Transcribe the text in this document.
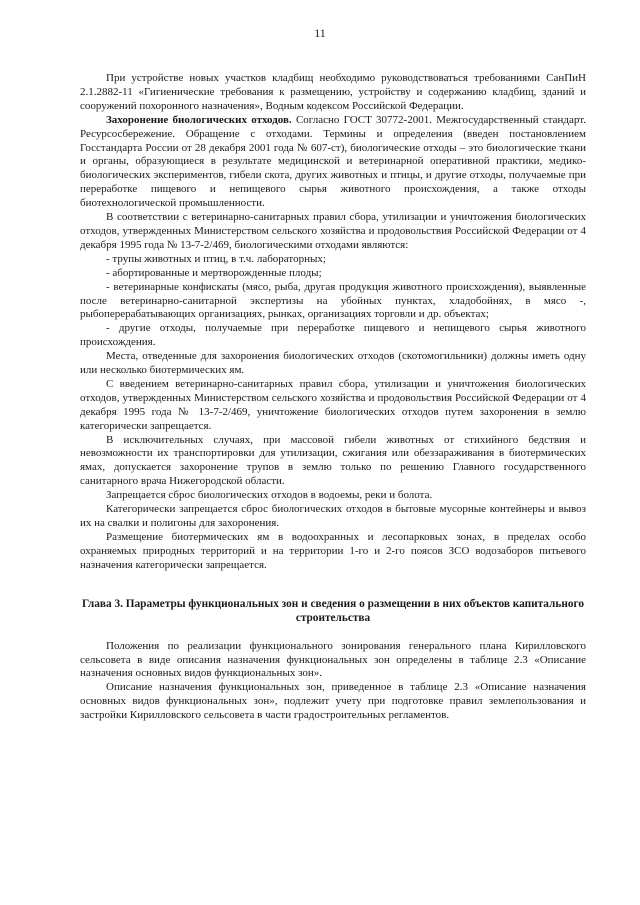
11

При устройстве новых участков кладбищ необходимо руководствоваться требованиями СанПиН 2.1.2882-11 «Гигиенические требования к размещению, устройству и содержанию кладбищ, зданий и сооружений похоронного назначения», Водным кодексом Российской Федерации.

Захоронение биологических отходов. Согласно ГОСТ 30772-2001. Межгосударственный стандарт. Ресурсосбережение. Обращение с отходами. Термины и определения (введен постановлением Госстандарта России от 28 декабря 2001 года № 607-ст), биологические отходы – это биологические ткани и органы, образующиеся в результате медицинской и ветеринарной оперативной практики, медико-биологических экспериментов, гибели скота, других животных и птицы, и другие отходы, получаемые при переработке пищевого и непищевого сырья животного происхождения, а также отходы биотехнологической промышленности.

В соответствии с ветеринарно-санитарных правил сбора, утилизации и уничтожения биологических отходов, утвержденных Министерством сельского хозяйства и продовольствия Российской Федерации от 4 декабря 1995 года № 13-7-2/469, биологическими отходами являются:

- трупы животных и птиц, в т.ч. лабораторных;

- абортированные и мертворожденные плоды;

- ветеринарные конфискаты (мясо, рыба, другая продукция животного происхождения), выявленные после ветеринарно-санитарной экспертизы на убойных пунктах, хладобойнях, в мясо -, рыбоперерабатывающих организациях, рынках, организациях торговли и др. объектах;

- другие отходы, получаемые при переработке пищевого и непищевого сырья животного происхождения.

Места, отведенные для захоронения биологических отходов (скотомогильники) должны иметь одну или несколько биотермических ям.

С введением ветеринарно-санитарных правил сбора, утилизации и уничтожения биологических отходов, утвержденных Министерством сельского хозяйства и продовольствия Российской Федерации от 4 декабря 1995 года № 13-7-2/469, уничтожение биологических отходов путем захоронения в землю категорически запрещается.

В исключительных случаях, при массовой гибели животных от стихийного бедствия и невозможности их транспортировки для утилизации, сжигания или обеззараживания в биотермических ямах, допускается захоронение трупов в землю только по решению Главного государственного санитарного врача Нижегородской области.

Запрещается сброс биологических отходов в водоемы, реки и болота.

Категорически запрещается сброс биологических отходов в бытовые мусорные контейнеры и вывоз их на свалки и полигоны для захоронения.

Размещение биотермических ям в водоохранных и лесопарковых зонах, в пределах особо охраняемых природных территорий и на территории 1-го и 2-го поясов ЗСО водозаборов питьевого назначения категорически запрещается.

Глава 3. Параметры функциональных зон и сведения о размещении в них объектов капитального строительства

Положения по реализации функционального зонирования генерального плана Кирилловского сельсовета в виде описания назначения функциональных зон определены в таблице 2.3 «Описание назначения основных видов функциональных зон».

Описание назначения функциональных зон, приведенное в таблице 2.3 «Описание назначения основных видов функциональных зон», подлежит учету при подготовке правил землепользования и застройки Кирилловского сельсовета в части градостроительных регламентов.
